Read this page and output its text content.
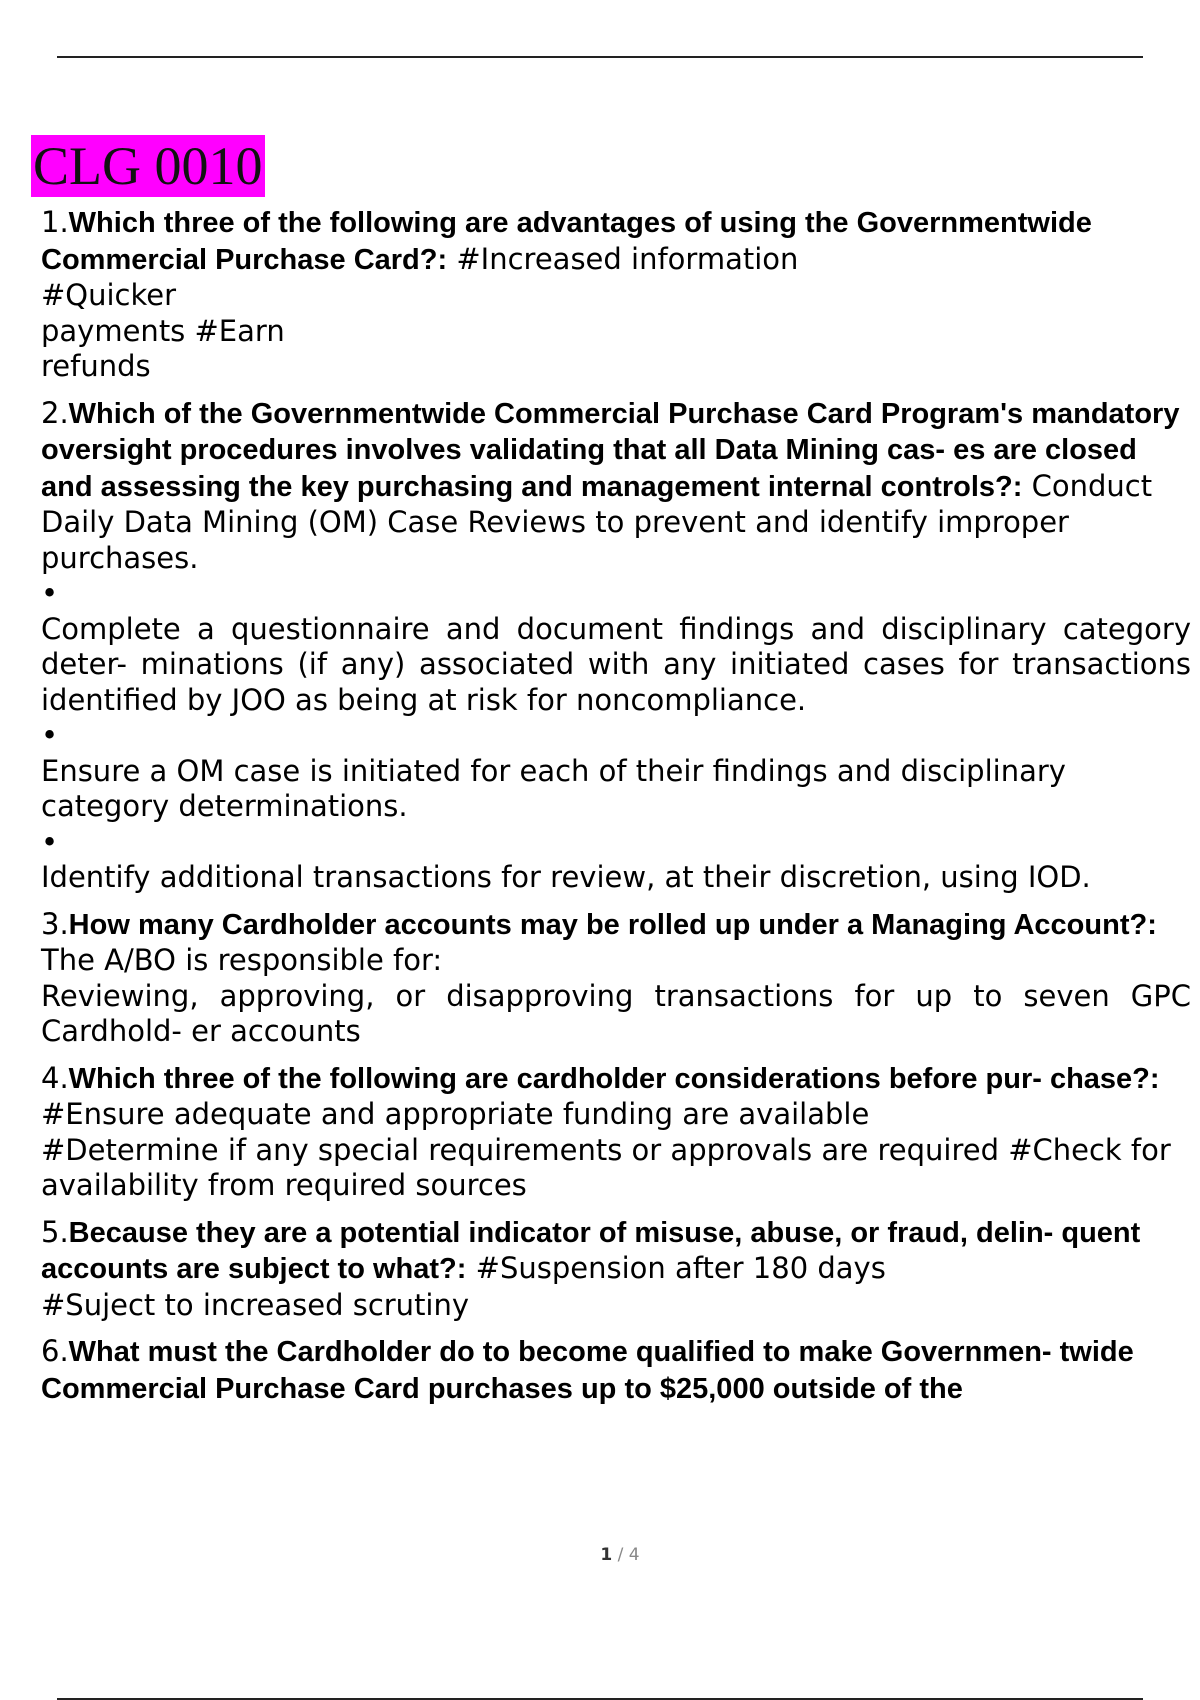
CLG 0010
1.Which three of the following are advantages of using the Governmentwide Commercial Purchase Card?: #Increased information
#Quicker
payments #Earn
refunds
2.Which of the Governmentwide Commercial Purchase Card Program's mandatory oversight procedures involves validating that all Data Mining cas- es are closed and assessing the key purchasing and management internal controls?: Conduct Daily Data Mining (OM) Case Reviews to prevent and identify improper purchases.
•
Complete a questionnaire and document findings and disciplinary category deter- minations (if any) associated with any initiated cases for transactions identified by JOO as being at risk for noncompliance.
•
Ensure a OM case is initiated for each of their findings and disciplinary category determinations.
•
Identify additional transactions for review, at their discretion, using IOD.
3.How many Cardholder accounts may be rolled up under a Managing Account?: The A/BO is responsible for:
Reviewing, approving, or disapproving transactions for up to seven GPC Cardhold- er accounts
4.Which three of the following are cardholder considerations before pur- chase?: #Ensure adequate and appropriate funding are available
#Determine if any special requirements or approvals are required #Check for availability from required sources
5.Because they are a potential indicator of misuse, abuse, or fraud, delin- quent accounts are subject to what?: #Suspension after 180 days
#Suject to increased scrutiny
6.What must the Cardholder do to become qualified to make Governmen- twide Commercial Purchase Card purchases up to $25,000 outside of the
1 / 4
